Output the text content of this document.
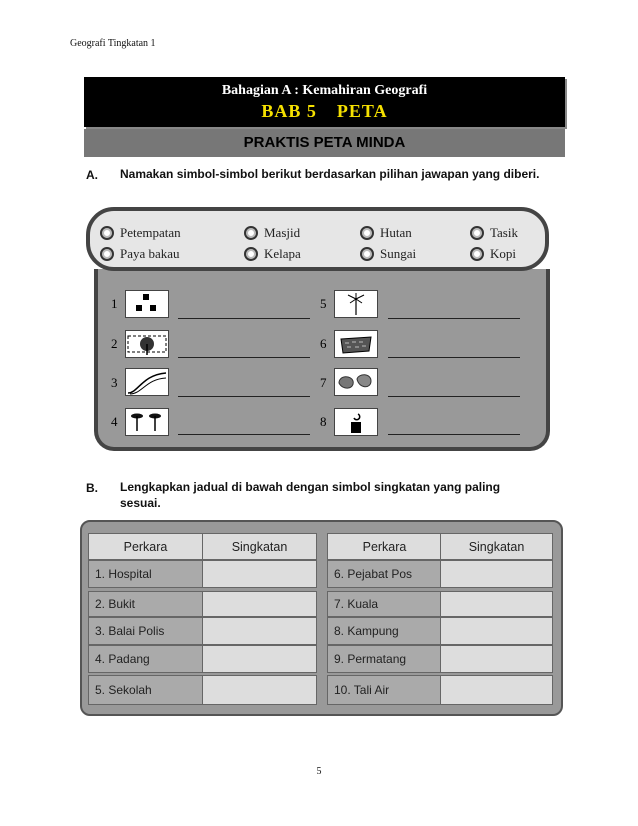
Geografi Tingkatan 1
Bahagian A : Kemahiran Geografi
BAB 5 PETA
PRAKTIS PETA MINDA
A. Namakan simbol-simbol berikut berdasarkan pilihan jawapan yang diberi.
Petempatan	Masjid	Hutan	Tasik
Paya bakau	Kelapa	Sungai	Kopi
1
2
3
4
5
6
7
8
B. Lengkapkan jadual di bawah dengan simbol singkatan yang paling sesuai.
Perkara	Singkatan
1. Hospital
2. Bukit
3. Balai Polis
4. Padang
5. Sekolah
Perkara	Singkatan
6. Pejabat Pos
7. Kuala
8. Kampung
9. Permatang
10. Tali Air
5
